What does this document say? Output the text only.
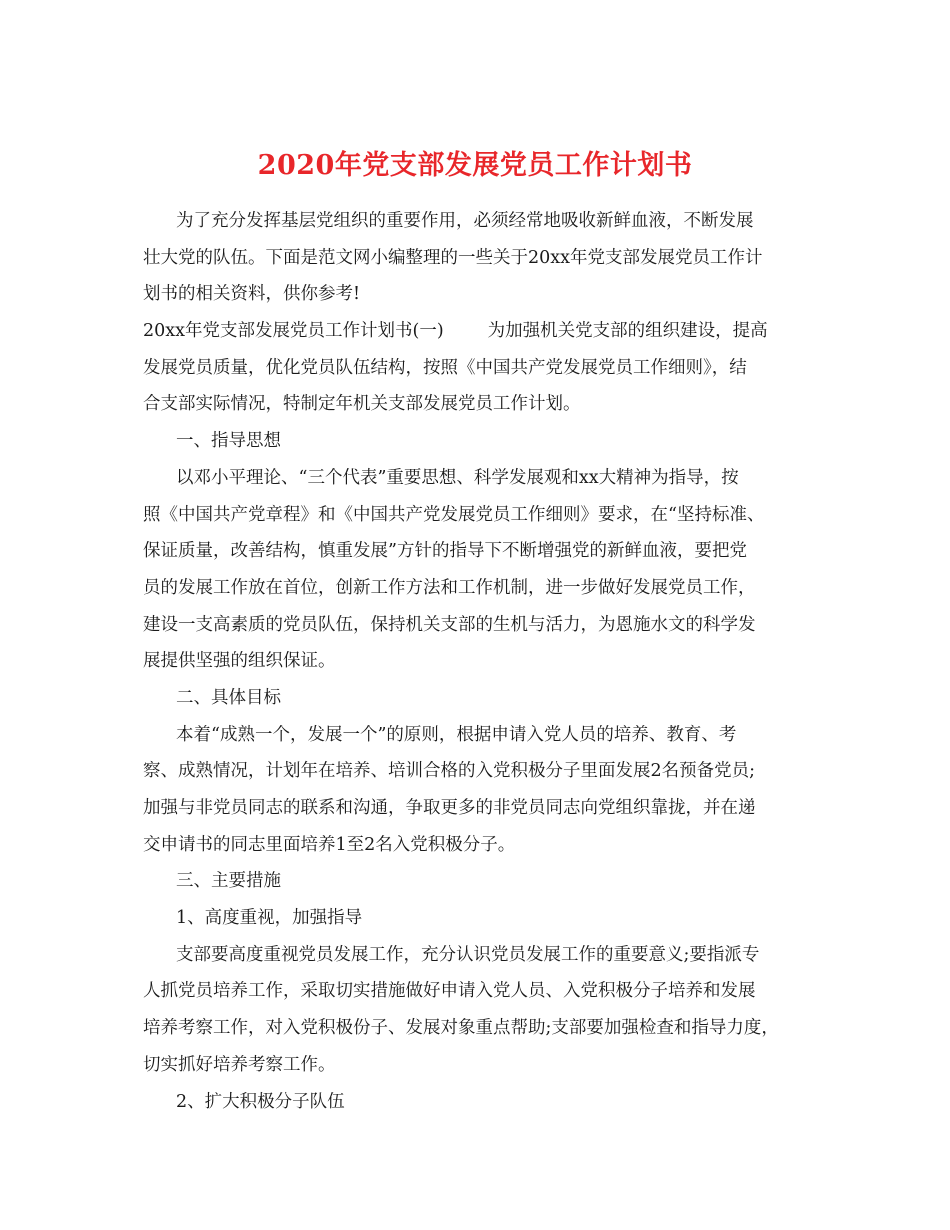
2020年党支部发展党员工作计划书

为了充分发挥基层党组织的重要作用，必须经常地吸收新鲜血液，不断发展

壮大党的队伍。下面是范文网小编整理的一些关于20xx年党支部发展党员工作计

划书的相关资料，供你参考!

20xx年党支部发展党员工作计划书(一)	为加强机关党支部的组织建设，提高

发展党员质量，优化党员队伍结构，按照《中国共产党发展党员工作细则》，结

合支部实际情况，特制定年机关支部发展党员工作计划。

一、指导思想

以邓小平理论、“三个代表”重要思想、科学发展观和xx大精神为指导，按

照《中国共产党章程》和《中国共产党发展党员工作细则》要求，在“坚持标准、

保证质量，改善结构，慎重发展”方针的指导下不断增强党的新鲜血液，要把党

员的发展工作放在首位，创新工作方法和工作机制，进一步做好发展党员工作，

建设一支高素质的党员队伍，保持机关支部的生机与活力，为恩施水文的科学发

展提供坚强的组织保证。

二、具体目标

本着“成熟一个，发展一个”的原则，根据申请入党人员的培养、教育、考

察、成熟情况，计划年在培养、培训合格的入党积极分子里面发展2名预备党员;

加强与非党员同志的联系和沟通，争取更多的非党员同志向党组织靠拢，并在递

交申请书的同志里面培养1至2名入党积极分子。

三、主要措施

1、高度重视，加强指导

支部要高度重视党员发展工作，充分认识党员发展工作的重要意义;要指派专

人抓党员培养工作，采取切实措施做好申请入党人员、入党积极分子培养和发展

培养考察工作，对入党积极份子、发展对象重点帮助;支部要加强检查和指导力度，

切实抓好培养考察工作。

2、扩大积极分子队伍
